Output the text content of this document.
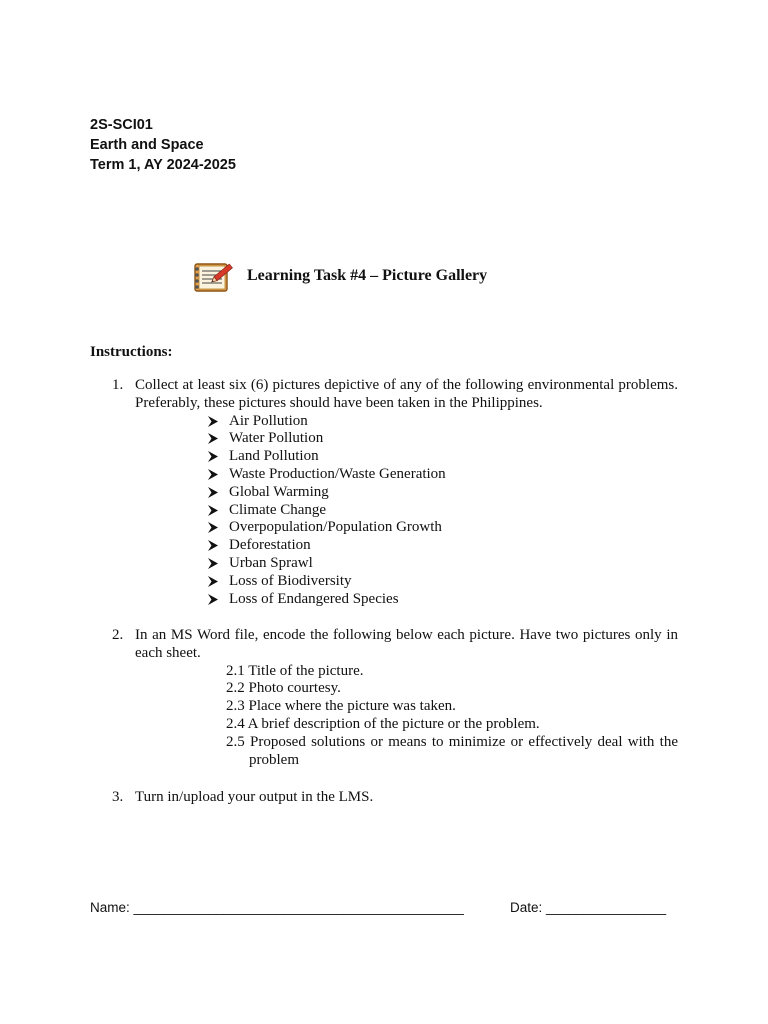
2S-SCI01
Earth and Space
Term 1, AY 2024-2025
Learning Task #4 – Picture Gallery
Instructions:
1. Collect at least six (6) pictures depictive of any of the following environmental problems. Preferably, these pictures should have been taken in the Philippines.
Air Pollution
Water Pollution
Land Pollution
Waste Production/Waste Generation
Global Warming
Climate Change
Overpopulation/Population Growth
Deforestation
Urban Sprawl
Loss of Biodiversity
Loss of Endangered Species
2. In an MS Word file, encode the following below each picture. Have two pictures only in each sheet.
2.1 Title of the picture.
2.2 Photo courtesy.
2.3 Place where the picture was taken.
2.4 A brief description of the picture or the problem.
2.5 Proposed solutions or means to minimize or effectively deal with the problem
3. Turn in/upload your output in the LMS.
Name: ____________________________________________	Date: ________________
